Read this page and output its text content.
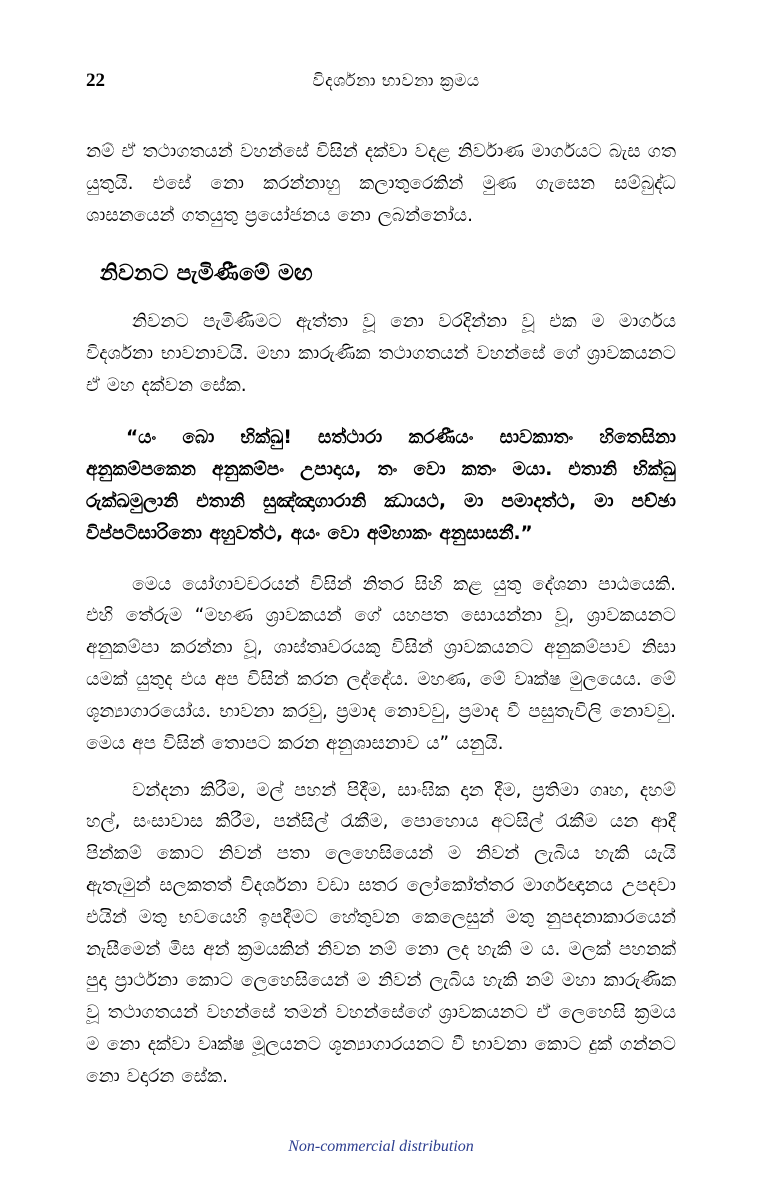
22	විදර්ශනා භාවනා ක්‍රමය

නම් ඒ තථාගතයන් වහන්සේ විසින් දක්වා වදළ නිර්වාණ මාර්ගයට බැස ගත යුතුයි. එසේ නො කරන්නාහු කලාතුරෙකින් මුණ ගැසෙන සම්බුද්ධ ශාසනයෙන් ගතයුතු ප්‍රයෝජනය නො ලබන්නෝය.

නිවනට පැමිණීමේ මඟ

නිවනට පැමිණීමට ඇත්තා වූ නො වරදින්නා වූ එක ම මාර්ගය විදර්ශනා භාවනාවයි. මහා කාරුණික තථාගතයන් වහන්සේ ගේ ශ්‍රාවකයනට ඒ මහ දක්වන සේක.

“යං බො භික්ඛු! සත්ථාරා කරණීයං සාවකාතං හිතෙසිනා අනුකම්පකෙන අනුකම්පං උපාදාය, තං වො කතං මයා. එතානි භික්ඛු රුක්ඛමුලානි එතානි සුඤ්ඤාගාරානි ඣායථ, මා පමාදත්ථ, මා පච්ඡා විප්පටිසාරිනො අහුවත්ථ, අයං වො අම්හාකං අනුසාසනී.”

මෙය යෝගාවචරයන් විසින් නිතර සිහි කළ යුතු දේශනා පාඨයෙකි. එහි තේරුම “මහණ ශ්‍රාවකයන් ගේ යහපත සොයන්නා වූ, ශ්‍රාවකයනට අනුකම්පා කරන්නා වූ, ශාස්තෘවරයකු විසින් ශ්‍රාවකයනට අනුකම්පාව නිසා යමක් යුතුද එය අප විසින් කරන ලද්දේය. මහණ, මේ වෘක්ෂ මුලයෙය. මේ ශූන්‍යාගාරයෝය. භාවනා කරවු, ප්‍රමාද නොවවු, ප්‍රමාද වී පසුතැවිලි නොවවු. මෙය අප විසින් තොපට කරන අනුශාසනාව ය” යනුයි.

වන්දනා කිරීම, මල් පහන් පිදීම, සාංඝික දාන දීම, ප්‍රතිමා ගෘහ, දහම් හල්, සංසාවාස කිරීම, පන්සිල් රැකීම, පොහොය අටසිල් රැකීම යන ආදී පින්කම් කොට නිවන් පතා ලෙහෙසියෙන් ම නිවන් ලැබිය හැකි යැයි ඇතැමුන් සලකතත් විදර්ශනා වඩා සතර ලෝකෝත්තර මාර්ගඥානය උපදවා එයින් මතු භවයෙහි ඉපදීමට හේතුවන කෙලෙසුන් මතු නුපදනාකාරයෙන් නැසීමෙන් මිස අන් ක්‍රමයකින් නිවන නම් නො ලද හැකි ම ය. මලක් පහනක් පුදා ප්‍රාර්ථනා කොට ලෙහෙසියෙන් ම නිවන් ලැබිය හැකි නම් මහා කාරුණික වූ තථාගතයන් වහන්සේ තමන් වහන්සේගේ ශ්‍රාවකයනට ඒ ලෙහෙසි ක්‍රමය ම නො දක්වා වෘක්ෂ මූලයනට ශූන්‍යාගාරයනට වී භාවනා කොට දුක් ගන්නට නො වදාරන සේක.

Non-commercial distribution
